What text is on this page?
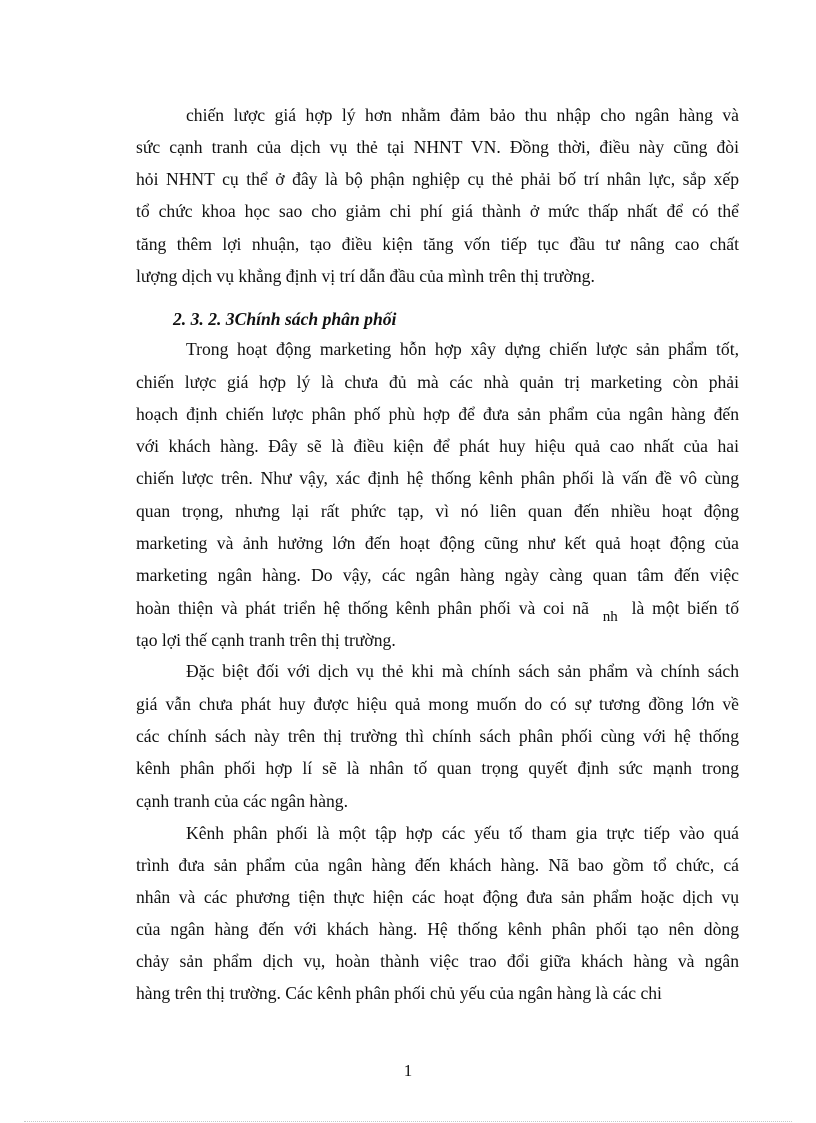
chiến lược giá hợp lý hơn nhằm đảm bảo thu nhập cho ngân hàng và
sức cạnh tranh của dịch vụ thẻ tại NHNT VN. Đồng thời, điều này cũng đòi
hỏi NHNT cụ thể ở đây là bộ phận nghiệp cụ thẻ phải bố trí nhân lực, sắp xếp
tổ chức khoa học sao cho giảm chi phí giá thành ở mức thấp nhất để có thể
tăng thêm lợi nhuận, tạo điều kiện tăng vốn tiếp tục đầu tư nâng cao chất
lượng dịch vụ khẳng định vị trí dẫn đầu của mình trên thị trường.
2. 3. 2. 3Chính sách phân phối
Trong hoạt động marketing hỗn hợp xây dựng chiến lược sản phẩm tốt,
chiến lược giá hợp lý là chưa đủ mà các nhà quản trị marketing còn phải
hoạch định chiến lược phân phố phù hợp để đưa sản phẩm của ngân hàng đến
với khách hàng. Đây sẽ là điều kiện để phát huy hiệu quả cao nhất của hai
chiến lược trên. Như vậy, xác định hệ thống kênh phân phối là vấn đề vô cùng
quan trọng, nhưng lại rất phức tạp, vì nó liên quan đến nhiều hoạt động
marketing và ảnh hưởng lớn đến hoạt động cũng như kết quả hoạt động của
marketing ngân hàng. Do vậy, các ngân hàng ngày càng quan tâm đến việc
hoàn thiện và phát triển hệ thống kênh phân phối và coi nã nh là một biến tố
tạo lợi thế cạnh tranh trên thị trường.
Đặc biệt đối với dịch vụ thẻ khi mà chính sách sản phẩm và chính sách
giá vẫn chưa phát huy được hiệu quả mong muốn do có sự tương đồng lớn về
các chính sách này trên thị trường thì chính sách phân phối cùng với hệ thống
kênh phân phối hợp lí sẽ là nhân tố quan trọng quyết định sức mạnh trong
cạnh tranh của các ngân hàng.
Kênh phân phối là một tập hợp các yếu tố tham gia trực tiếp vào quá
trình đưa sản phẩm của ngân hàng đến khách hàng. Nã bao gồm tổ chức, cá
nhân và các phương tiện thực hiện các hoạt động đưa sản phẩm hoặc dịch vụ
của ngân hàng đến với khách hàng. Hệ thống kênh phân phối tạo nên dòng
chảy sản phẩm dịch vụ, hoàn thành việc trao đổi giữa khách hàng và ngân
hàng trên thị trường. Các kênh phân phối chủ yếu của ngân hàng là các chi
1
